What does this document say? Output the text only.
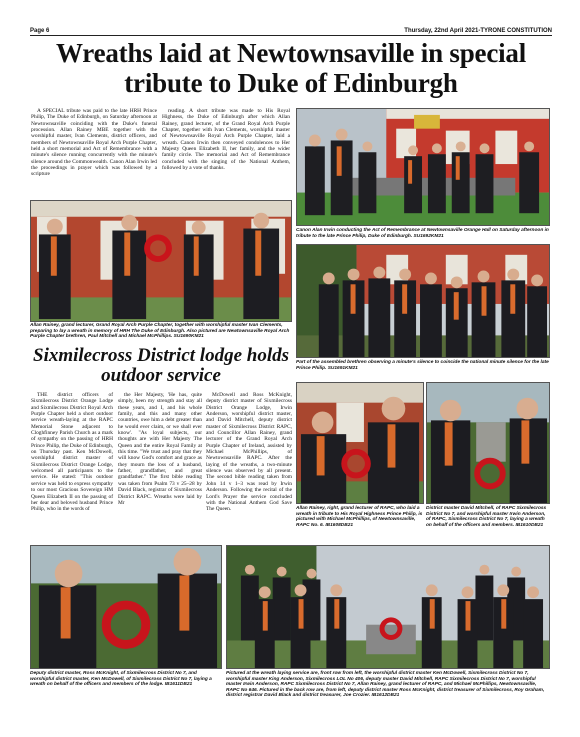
Page 6	Thursday, 22nd April 2021-TYRONE CONSTITUTION
Wreaths laid at Newtownsaville in special tribute to Duke of Edinburgh

A SPECIAL tribute was paid to the late HRH Prince Philip, The Duke of Edinburgh, on Saturday afternoon at Newtownsaville coinciding with the Duke's funeral procession. Allan Rainey MBE together with the worshipful master, Ivan Clements, district officers, and members of Newtownsaville Royal Arch Purple Chapter, held a short memorial and Act of Remembrance with a minute's silence running concurrently with the minute's silence around the Commonwealth. Canon Alan Irwin led the proceedings in prayer which was followed by a scripture

reading. A short tribute was made to His Royal Highness, the Duke of Edinburgh after which Allan Rainey, grand lecturer, of the Grand Royal Arch Purple Chapter, together with Ivan Clements, worshipful master of Newtownsaville Royal Arch Purple Chapter, laid a wreath. Canon Irwin then conveyed condolences to Her Majesty Queen Elizabeth II, her family, and the wider family circle. The memorial and Act of Remembrance concluded with the singing of the National Anthem, followed by a vote of thanks.

Canon Alan Irwin conducting the Act of Remembrance at Newtownsaville Orange Hall on Saturday afternoon in tribute to the late Prince Philip, Duke of Edinburgh. SU1692KM21
Allan Rainey, grand lecturer, Grand Royal Arch Purple Chapter, together with worshipful master Ivan Clements, preparing to lay a wreath in memory of HRH The Duke of Edinburgh. Also pictured are Newtownsaville Royal Arch Purple Chapter brethren, Paul Mitchell and Michael McPhillips. SU1690KM21
Part of the assembled brethren observing a minute's silence to coincide the national minute silence for the late Prince Philip. SU1691KM21
Sixmilecross District lodge holds outdoor service

THE district officers of Sixmilecross District Orange Lodge and Sixmilecross District Royal Arch Purple Chapter held a short outdoor service wreath-laying at the RAPC Memorial Stone adjacent to Cloghfinney Parish Church as a mark of sympathy on the passing of HRH Prince Philip, the Duke of Edinburgh, on Thursday past. Ken McDowell, worshipful district master of Sixmilecross District Orange Lodge, welcomed all participants to the service. He stated: "This outdoor service was held to express sympathy to our most Gracious Sovereign HM Queen Elizabeth II on the passing of her dear and beloved husband Prince Philip, who in the words of

the Her Majesty, 'He has, quite simply, been my strength and stay all these years, and I, and his whole family, and this and many other countries, owe him a debt greater than he would ever claim, or we shall ever know'. "As loyal subjects, our thoughts are with Her Majesty The Queen and the entire Royal Family at this time. "We trust and pray that they will know God's comfort and grace as they mourn the loss of a husband, father, grandfather, and great grandfather." The first bible reading was taken from Psalm 73 v 25–28 by David Black, registrar of Sixmilecross District RAPC. Wreaths were laid by Mr

McDowell and Ross McKnight, deputy district master of Sixmilecross District Orange Lodge, Irwin Anderson, worshipful district master, and David Mitchell, deputy district master of Sixmilecross District RAPC, and Councillor Allan Rainey, grand lecturer of the Grand Royal Arch Purple Chapter of Ireland, assisted by Michael McPhillips, of Newtownsaville RAPC. After the laying of the wreaths, a two-minute silence was observed by all present. The second bible reading taken from John 14 v 1–3 was read by Irwin Anderson. Following the recital of the Lord's Prayer the service concluded with the National Anthem God Save The Queen.	Allan Rainey, right, grand lecturer of RAPC, who laid a wreath in tribute to His Royal Highness Prince Philip, is pictured with Michael McPhillips, of Newtownsaville, RAPC No. 6. IB1608DB21
District master David Mitchell, of RAPC Sixmilecross District No 7, and worshipful master Irwin Anderson, of RAPC, Sixmilecross District No 7, laying a wreath on behalf of the officers and members. IB1610DB21
Deputy district master, Ross McKnight, of Sixmilecross District No 7, and worshipful district master, Ken McDowell, of Sixmilecross District No 7, laying a wreath on behalf of the officers and members of the lodge. IB1611DB21
Pictured at the wreath laying service are, front row from left, the worshipful district master Ken McDowell, Sixmilecross District No 7, worshipful master King Anderson, Sixmilecross LOL No 406, deputy master David Mitchell, RAPC Sixmilecross District No 7, worshipful master Irwin Anderson, RAPC Sixmilecross District No 7, Allan Rainey, grand lecturer of RAPC, and Michael McPhillips, Newtownsaville, RAPC No 646. Pictured in the back row are, from left, deputy district master Ross McKnight, district treasurer of Sixmilecross, Roy Graham, district registrar David Black and district treasurer, Joe Crozier. IB1612DB21
